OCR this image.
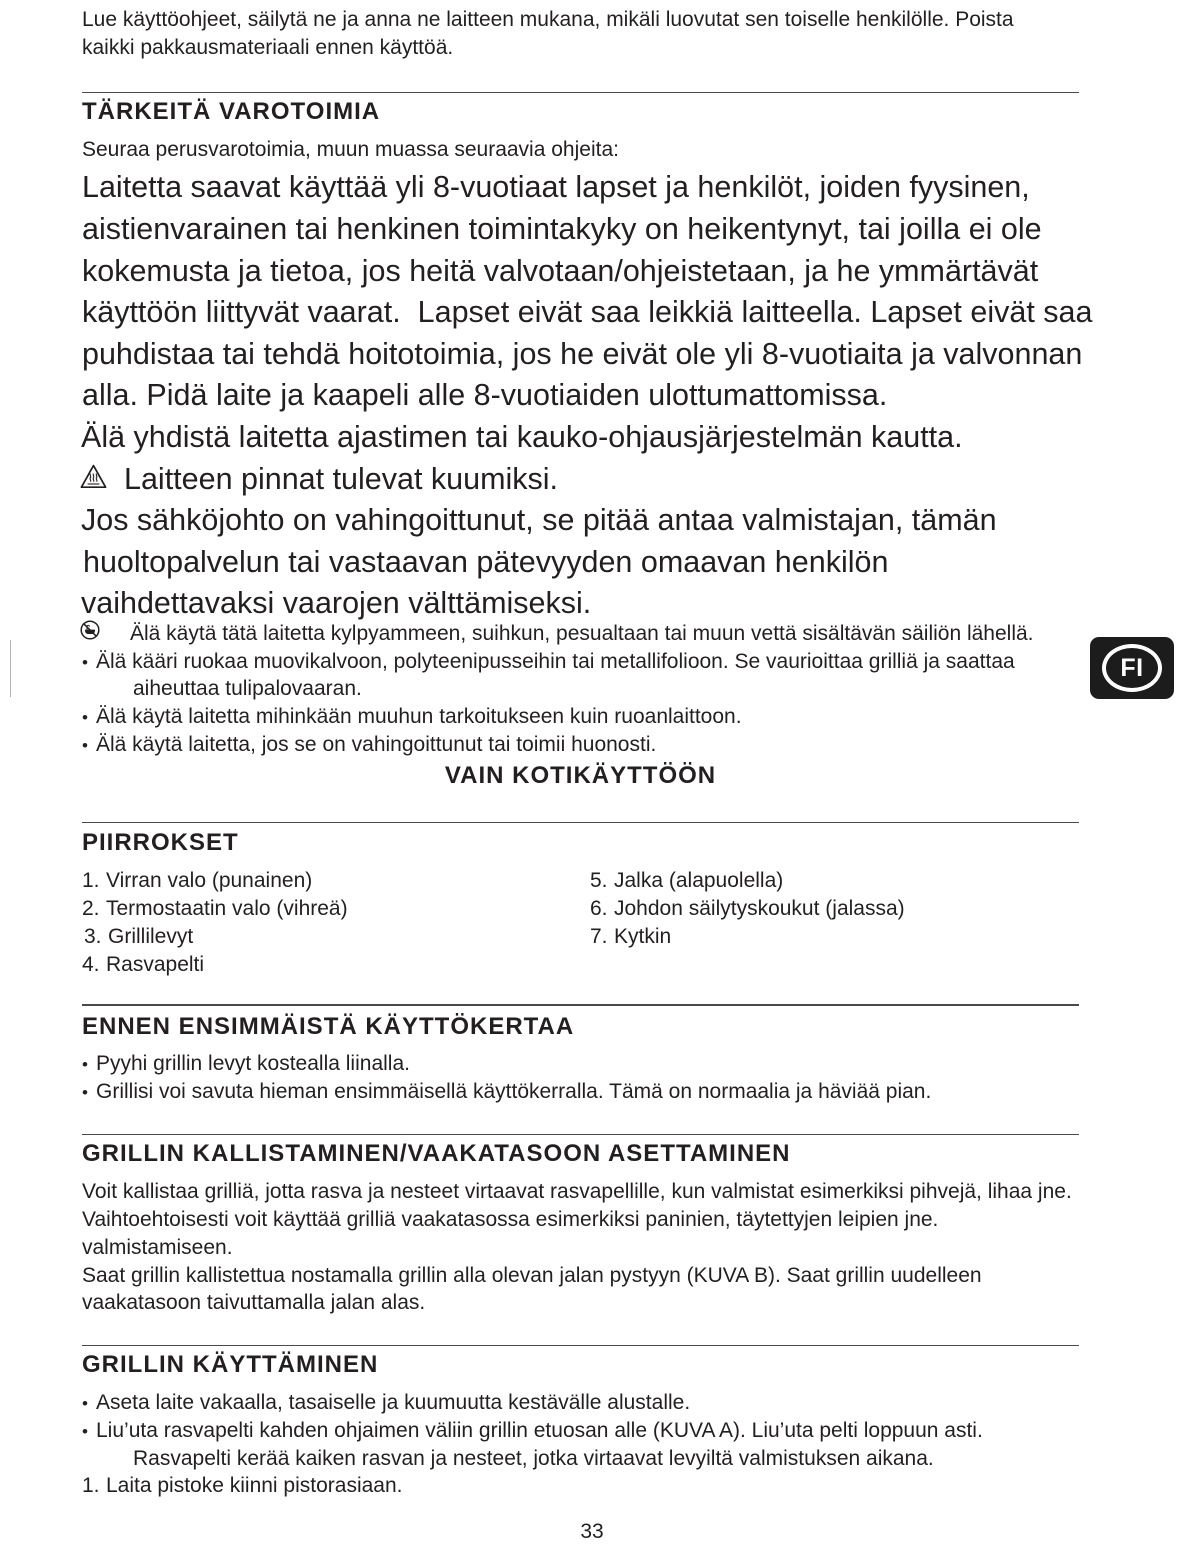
Lue käyttöohjeet, säilytä ne ja anna ne laitteen mukana, mikäli luovutat sen toiselle henkilölle. Poista
kaikki pakkausmateriaali ennen käyttöä.
TÄRKEITÄ VAROTOIMIA
Seuraa perusvarotoimia, muun muassa seuraavia ohjeita:
Laitetta saavat käyttää yli 8-vuotiaat lapset ja henkilöt, joiden fyysinen,
aistienvarainen tai henkinen toimintakyky on heikentynyt, tai joilla ei ole
kokemusta ja tietoa, jos heitä valvotaan/ohjeistetaan, ja he ymmärtävät
käyttöön liittyvät vaarat.  Lapset eivät saa leikkiä laitteella. Lapset eivät saa
puhdistaa tai tehdä hoitotoimia, jos he eivät ole yli 8-vuotiaita ja valvonnan
alla. Pidä laite ja kaapeli alle 8-vuotiaiden ulottumattomissa.
Älä yhdistä laitetta ajastimen tai kauko-ohjausjärjestelmän kautta.
Laitteen pinnat tulevat kuumiksi.
Jos sähköjohto on vahingoittunut, se pitää antaa valmistajan, tämän
huoltopalvelun tai vastaavan pätevyyden omaavan henkilön
vaihdettavaksi vaarojen välttämiseksi.
Älä käytä tätä laitetta kylpyammeen, suihkun, pesualtaan tai muun vettä sisältävän säiliön lähellä.
• Älä kääri ruokaa muovikalvoon, polyteenipusseihin tai metallifolioon. Se vaurioittaa grilliä ja saattaa
aiheuttaa tulipalovaaran.
• Älä käytä laitetta mihinkään muuhun tarkoitukseen kuin ruoanlaittoon.
• Älä käytä laitetta, jos se on vahingoittunut tai toimii huonosti.
VAIN KOTIKÄYTTÖÖN
PIIRROKSET
1. Virran valo (punainen)
2. Termostaatin valo (vihreä)
3. Grillilevyt
4. Rasvapelti
5. Jalka (alapuolella)
6. Johdon säilytyskoukut (jalassa)
7. Kytkin
ENNEN ENSIMMÄISTÄ KÄYTTÖKERTAA
• Pyyhi grillin levyt kostealla liinalla.
• Grillisi voi savuta hieman ensimmäisellä käyttökerralla. Tämä on normaalia ja häviää pian.
GRILLIN KALLISTAMINEN/VAAKATASOON ASETTAMINEN
Voit kallistaa grilliä, jotta rasva ja nesteet virtaavat rasvapellille, kun valmistat esimerkiksi pihvejä, lihaa jne.
Vaihtoehtoisesti voit käyttää grilliä vaakatasossa esimerkiksi paninien, täytettyjen leipien jne.
valmistamiseen.
Saat grillin kallistettua nostamalla grillin alla olevan jalan pystyyn (KUVA B). Saat grillin uudelleen
vaakatasoon taivuttamalla jalan alas.
GRILLIN KÄYTTÄMINEN
• Aseta laite vakaalla, tasaiselle ja kuumuutta kestävälle alustalle.
• Liu’uta rasvapelti kahden ohjaimen väliin grillin etuosan alle (KUVA A). Liu’uta pelti loppuun asti.
Rasvapelti kerää kaiken rasvan ja nesteet, jotka virtaavat levyiltä valmistuksen aikana.
1. Laita pistoke kiinni pistorasiaan.
33
FI
